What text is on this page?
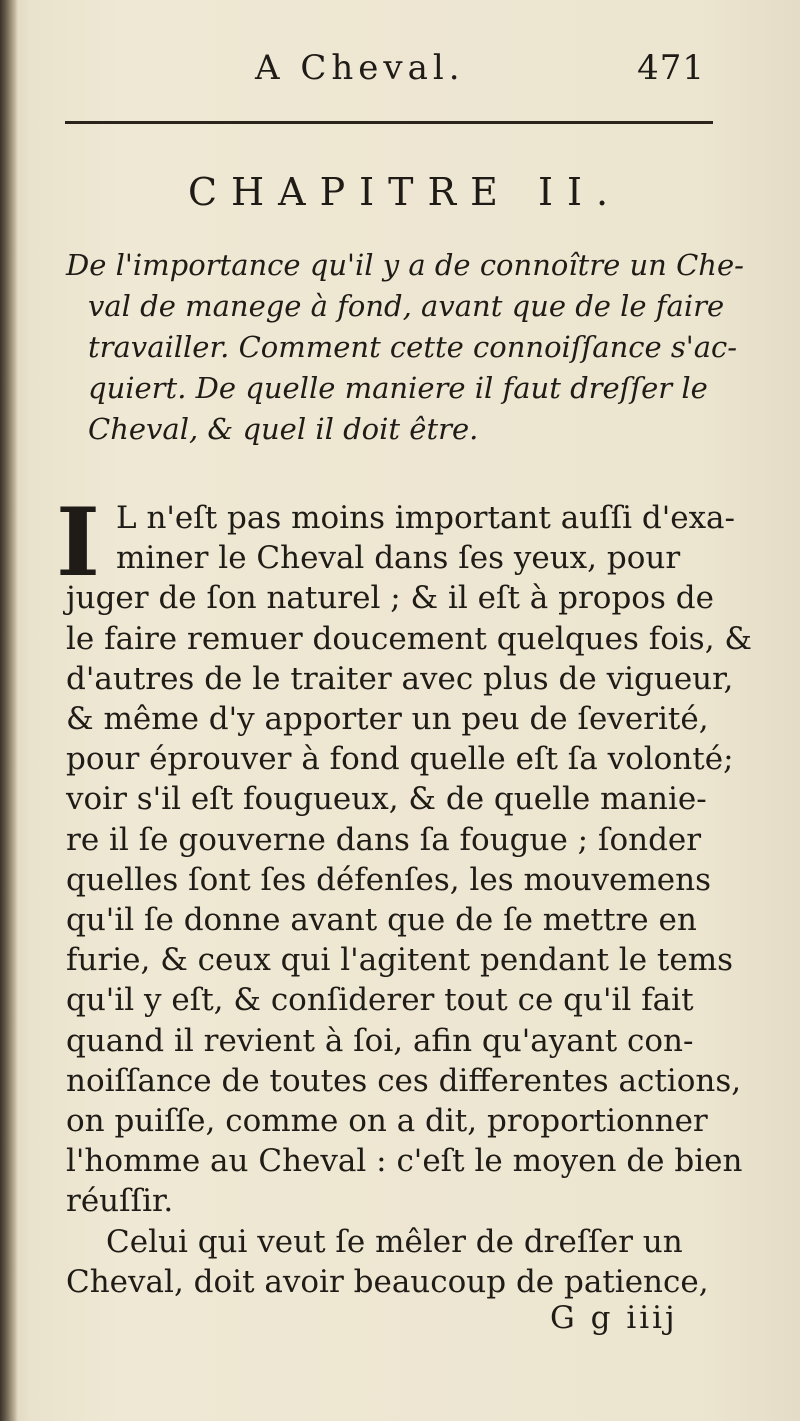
A Cheval.	471
CHAPITRE II.
De l'importance qu'il y a de connoître un Che-
val de manege à fond, avant que de le faire
travailler. Comment cette connoiſſance s'ac-
quiert. De quelle maniere il faut dreſſer le
Cheval, & quel il doit être.
I L n'eſt pas moins important auſſi d'exa-
miner le Cheval dans ſes yeux, pour
juger de ſon naturel ; & il eſt à propos de
le faire remuer doucement quelques fois, &
d'autres de le traiter avec plus de vigueur,
& même d'y apporter un peu de ſeverité,
pour éprouver à fond quelle eſt ſa volonté;
voir s'il eſt fougueux, & de quelle manie-
re il ſe gouverne dans ſa fougue ; ſonder
quelles ſont ſes défenſes, les mouvemens
qu'il ſe donne avant que de ſe mettre en
furie, & ceux qui l'agitent pendant le tems
qu'il y eſt, & conſiderer tout ce qu'il fait
quand il revient à ſoi, afin qu'ayant con-
noiſſance de toutes ces differentes actions,
on puiſſe, comme on a dit, proportionner
l'homme au Cheval : c'eſt le moyen de bien
réuſſir.
Celui qui veut ſe mêler de dreſſer un
Cheval, doit avoir beaucoup de patience,
G g iiij
